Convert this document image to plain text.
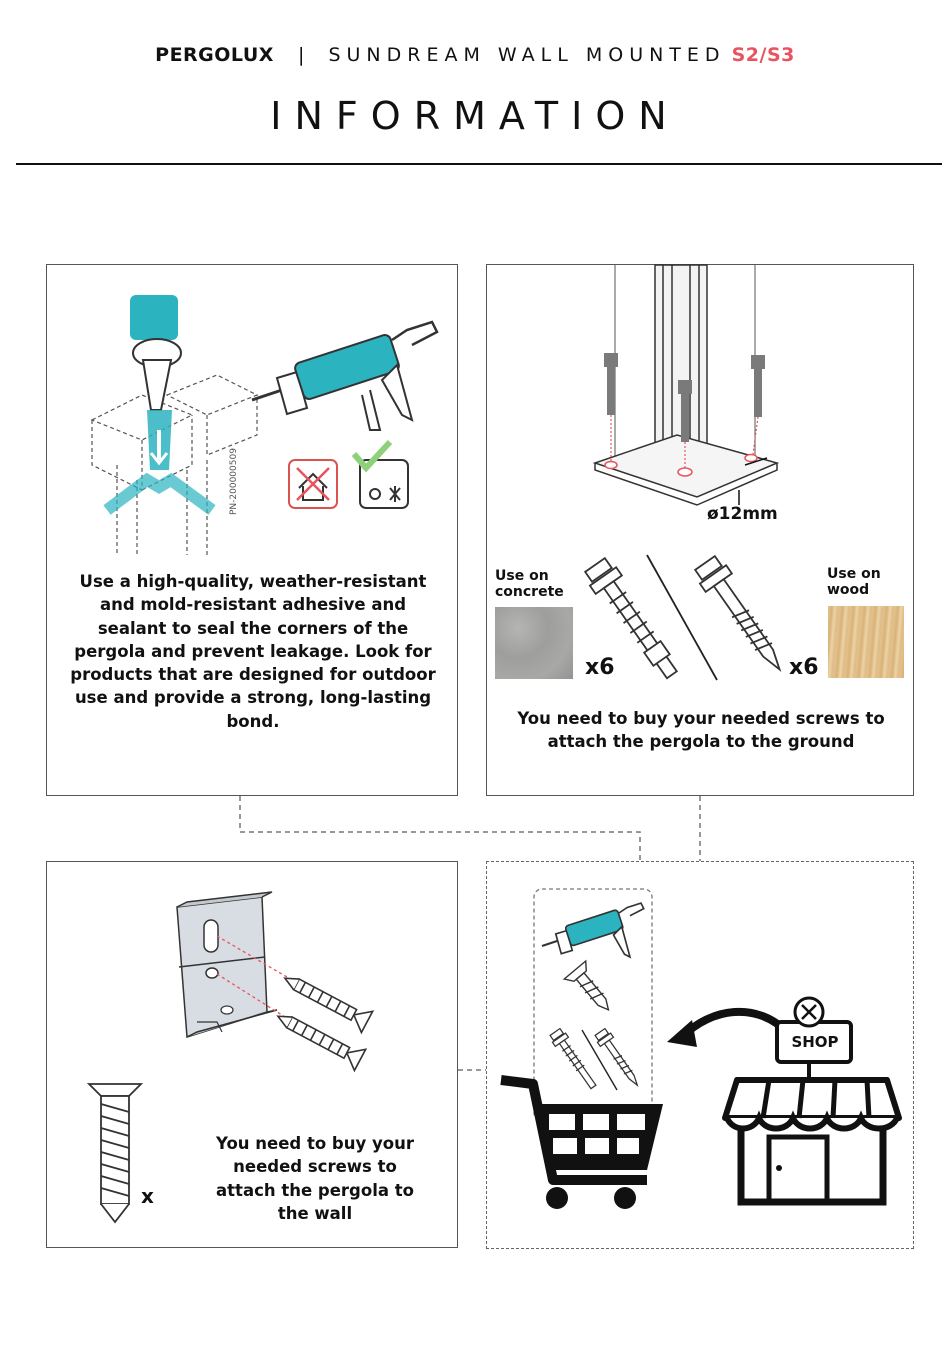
PERGOLUX | SUNDREAM WALL MOUNTED S2/S3
INFORMATION
PN-200000509
Use a high-quality, weather-resistant and mold-resistant adhesive and sealant to seal the corners of the pergola and prevent leakage. Look for products that are designed for outdoor use and provide a strong, long-lasting bond.
ø12mm
Use on concrete
Use on wood
x6	x6
You need to buy your needed screws to attach the pergola to the ground
x
You need to buy your needed screws to attach the pergola to the wall
SHOP
